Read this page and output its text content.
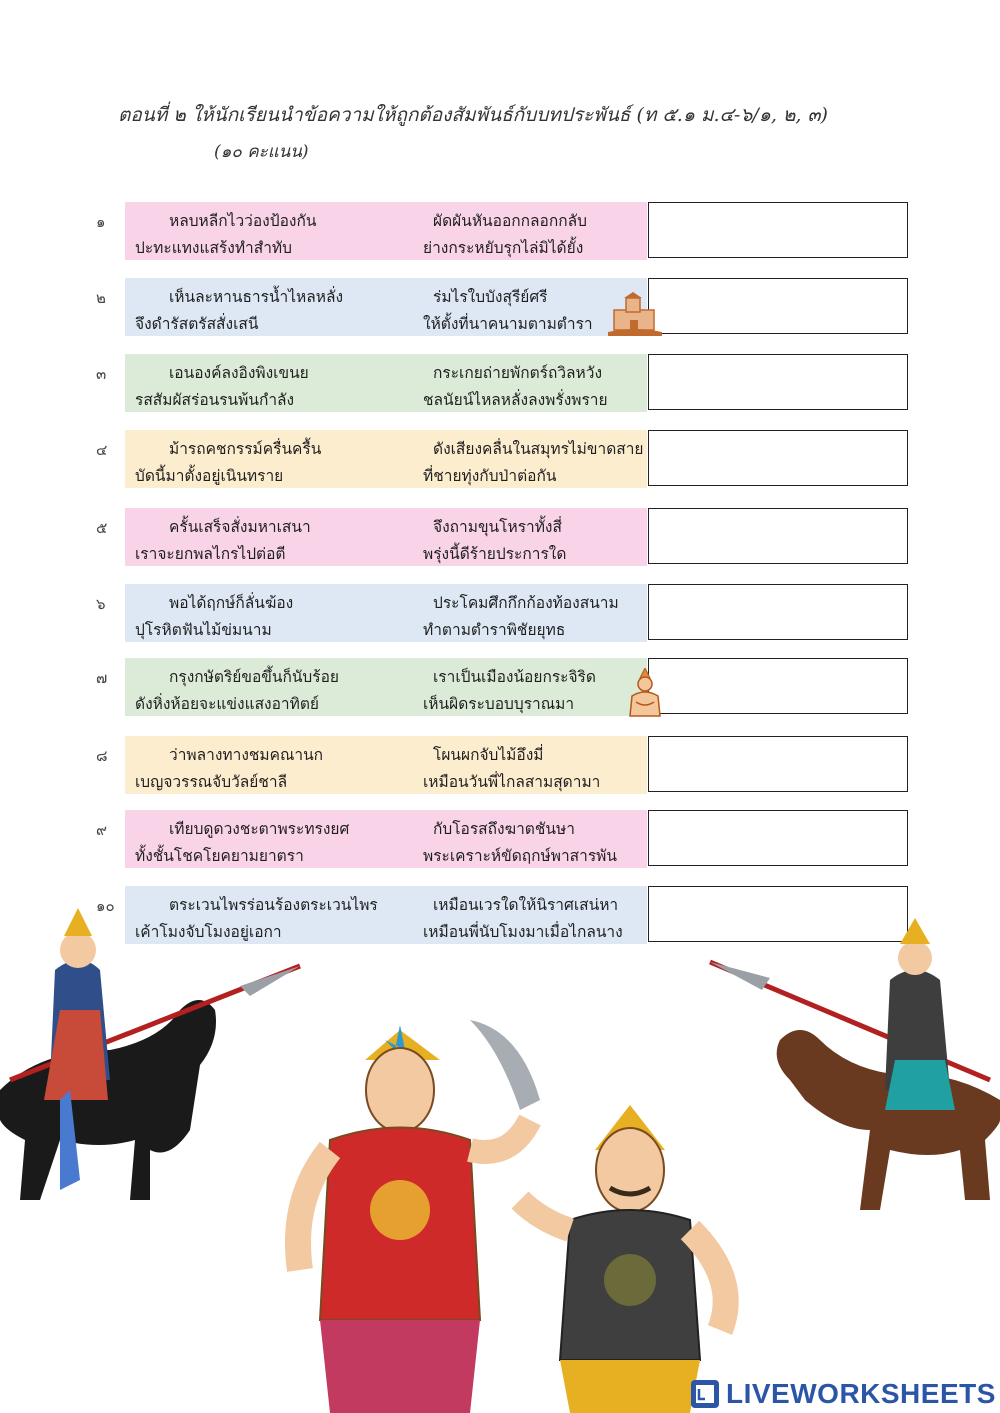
ตอนที่ ๒ ให้นักเรียนนำข้อความให้ถูกต้องสัมพันธ์กับบทประพันธ์ (ท ๕.๑ ม.๔-๖/๑, ๒, ๓)
(๑๐ คะแนน)
๑	หลบหลีกไวว่องป้องกัน	ผัดผันหันออกกลอกกลับ
ปะทะแทงแสร้งทำสำทับ	ย่างกระหยับรุกไล่มิได้ยั้ง
๒	เห็นละหานธารน้ำไหลหลั่ง	ร่มไรใบบังสุรีย์ศรี
จึงดำรัสตรัสสั่งเสนี	ให้ตั้งที่นาคนามตามตำรา
๓	เอนองค์ลงอิงพิงเขนย	กระเกยถ่ายพักตร์ถวิลหวัง
รสสัมผัสร่อนรนพ้นกำลัง	ชลนัยน์ไหลหลั่งลงพรั่งพราย
๔	ม้ารถคชกรรม์ครื่นครื้น	ดังเสียงคลื่นในสมุทรไม่ขาดสาย
บัดนี้มาตั้งอยู่เนินทราย	ที่ชายทุ่งกับป่าต่อกัน
๕	ครั้นเสร็จสั่งมหาเสนา	จึงถามขุนโหราทั้งสี่
เราจะยกพลไกรไปต่อตี	พรุ่งนี้ดีร้ายประการใด
๖	พอได้ฤกษ์ก็ลั่นฆ้อง	ประโคมศึกกึกก้องท้องสนาม
ปุโรหิตฟันไม้ข่มนาม	ทำตามตำราพิชัยยุทธ
๗	กรุงกษัตริย์ขอขึ้นก็นับร้อย	เราเป็นเมืองน้อยกระจิริด
ดังหิ่งห้อยจะแข่งแสงอาทิตย์	เห็นผิดระบอบบุราณมา
๘	ว่าพลางทางชมคณานก	โผนผกจับไม้อึงมี่
เบญจวรรณจับวัลย์ชาลี	เหมือนวันพี่ไกลสามสุดามา
๙	เทียบดูดวงชะตาพระทรงยศ	กับโอรสถึงฆาตชันษา
ทั้งชั้นโชคโยคยามยาตรา	พระเคราะห์ขัดฤกษ์พาสารพัน
๑๐	ตระเวนไพรร่อนร้องตระเวนไพร	เหมือนเวรใดให้นิราศเสน่หา
เค้าโมงจับโมงอยู่เอกา	เหมือนพี่นับโมงมาเมื่อไกลนาง
LIVEWORKSHEETS
